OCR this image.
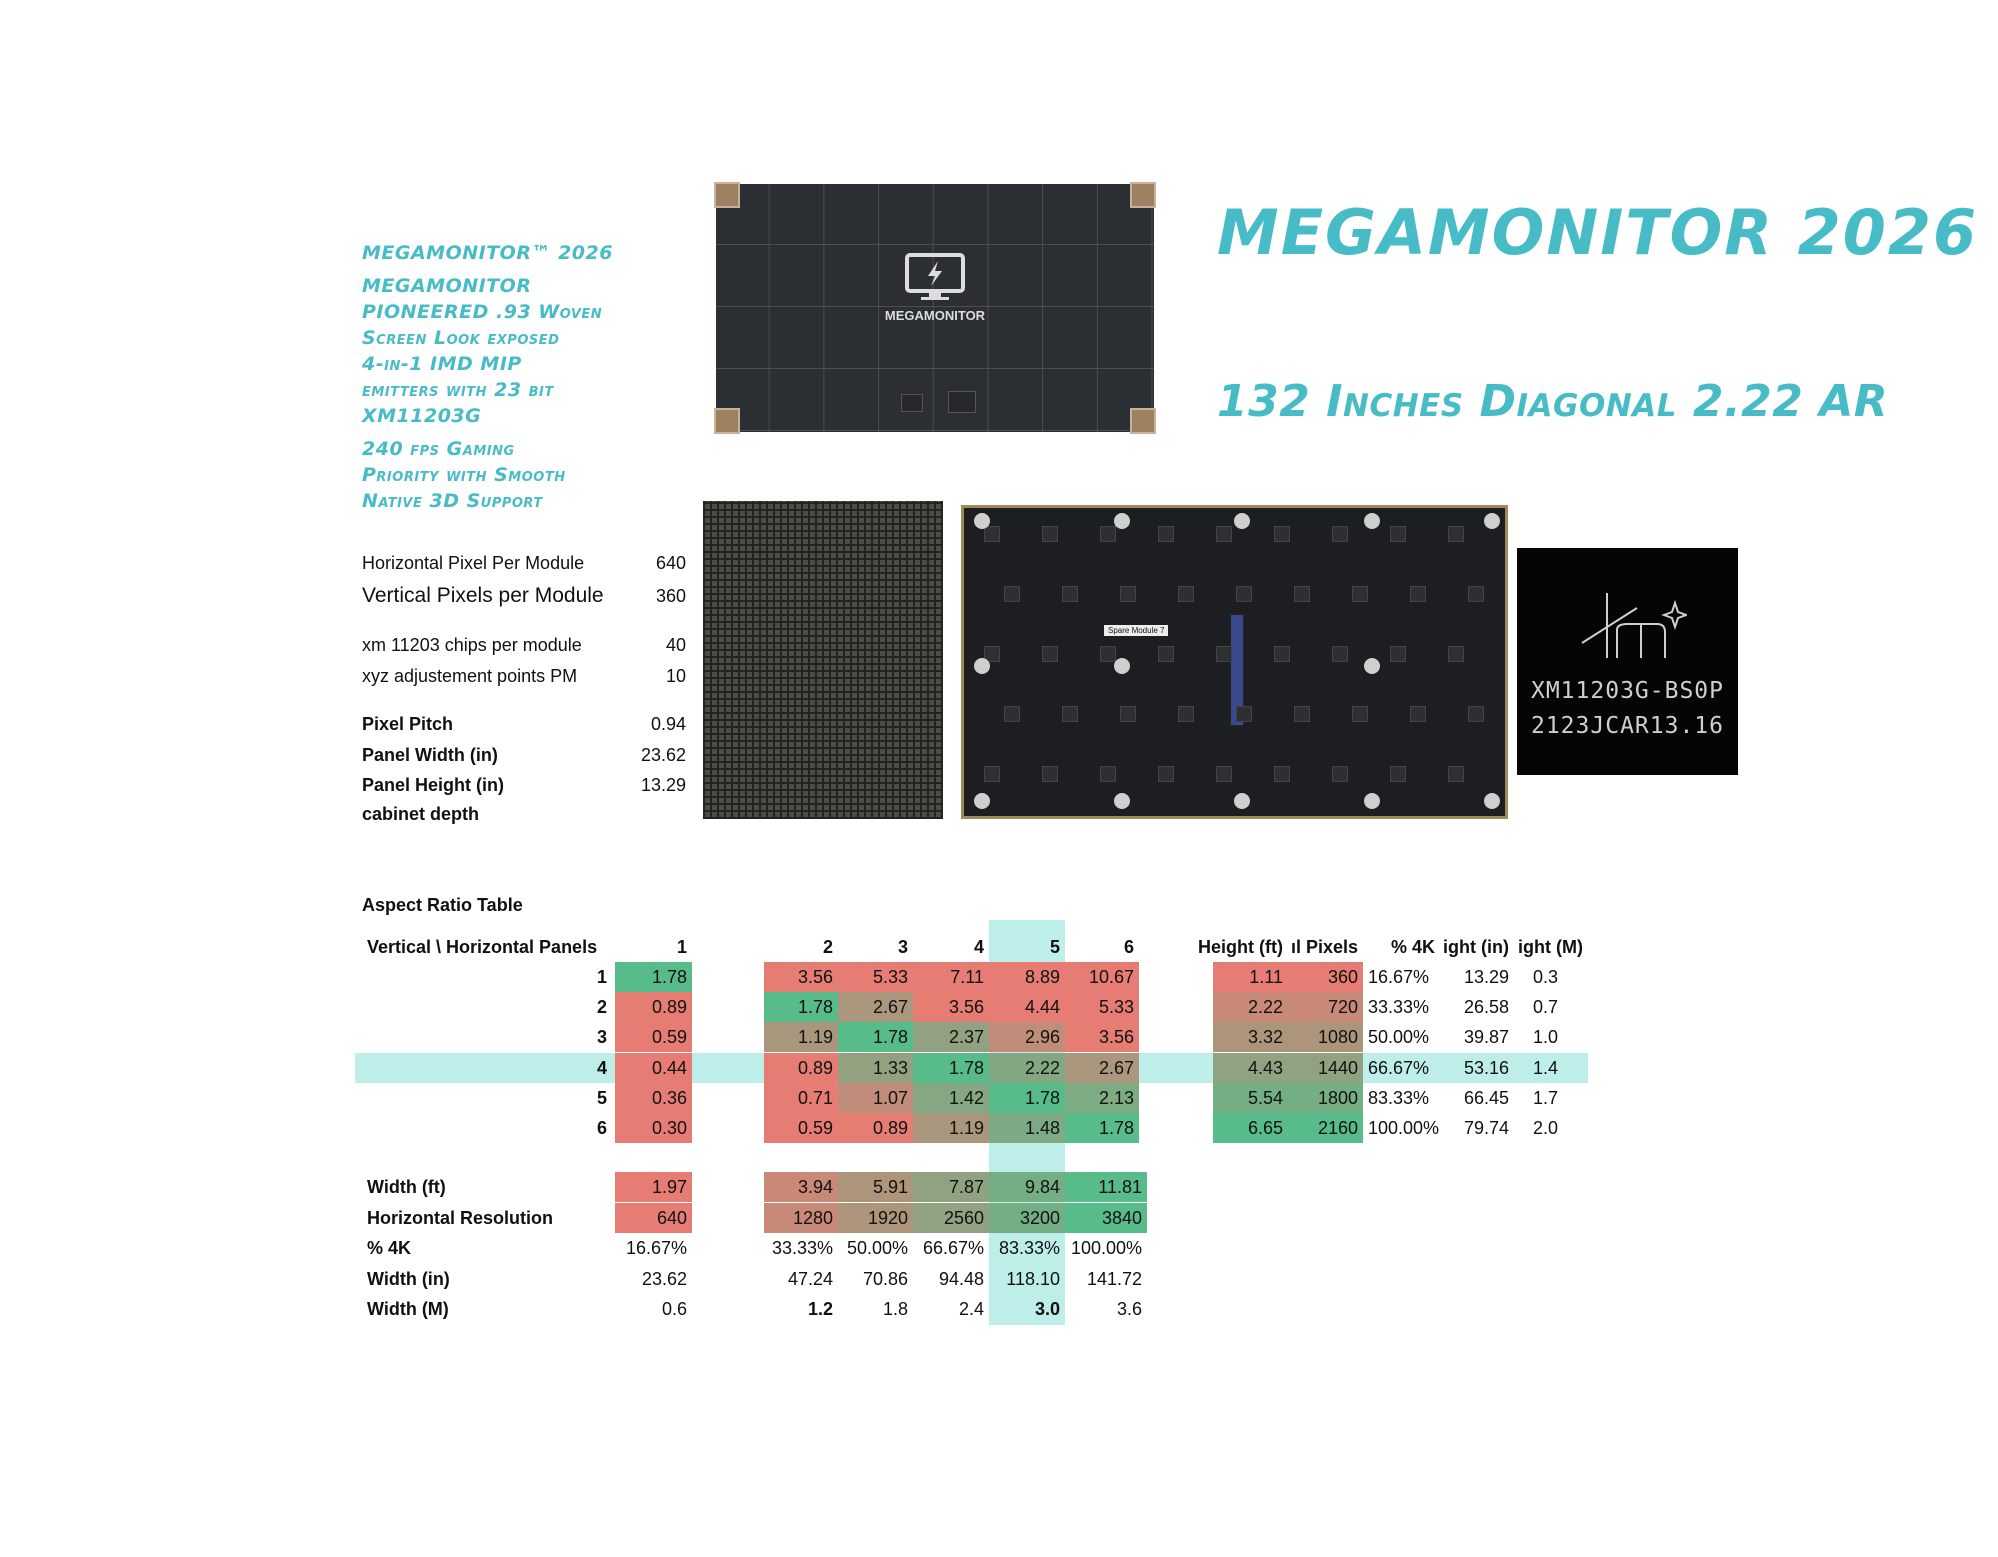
MEGAMONITOR™ 2026
MEGAMONITOR
PIONEERED .93 Woven
Screen Look exposed
4-in-1 IMD MIP
emitters with 23 bit
XM11203G
240 fps Gaming
Priority with Smooth
Native 3D Support
MEGAMONITOR 2026
132 Inches Diagonal 2.22 AR
MEGAMONITOR
Spare Module 7
XM11203G-BS0P
2123JCAR13.16
Aspect Ratio Table
Horizontal Pixel Per Module	640
Vertical Pixels per Module	360
xm 11203 chips per module	40
xyz adjustement points PM	10
Pixel Pitch	0.94
Panel Width (in)	23.62
Panel Height (in)	13.29
cabinet depth
Vertical \ Horizontal Panels	1	2	3	4	5	6	Height (ft) ıl Pixels	% 4K ight (in) ight (M)
1	1.78	3.56	5.33	7.11	8.89	10.67	1.11	360 16.67%	13.29 0.3
2	0.89	1.78	2.67	3.56	4.44	5.33	2.22	720 33.33%	26.58 0.7
3	0.59	1.19	1.78	2.37	2.96	3.56	3.32	1080 50.00%	39.87 1.0
4	0.44	0.89	1.33	1.78	2.22	2.67	4.43	1440 66.67%	53.16 1.4
5	0.36	0.71	1.07	1.42	1.78	2.13	5.54	1800 83.33%	66.45 1.7
6	0.30	0.59	0.89	1.19	1.48	1.78	6.65	2160 100.00%	79.74 2.0
Width (ft)	1.97	3.94	5.91	7.87	9.84	11.81
Horizontal Resolution	640	1280	1920	2560	3200	3840
% 4K	16.67%	33.33% 50.00% 66.67% 83.33% 100.00%
Width (in)	23.62	47.24	70.86	94.48	118.10	141.72
Width (M)	0.6	1.2	1.8	2.4	3.0	3.6
